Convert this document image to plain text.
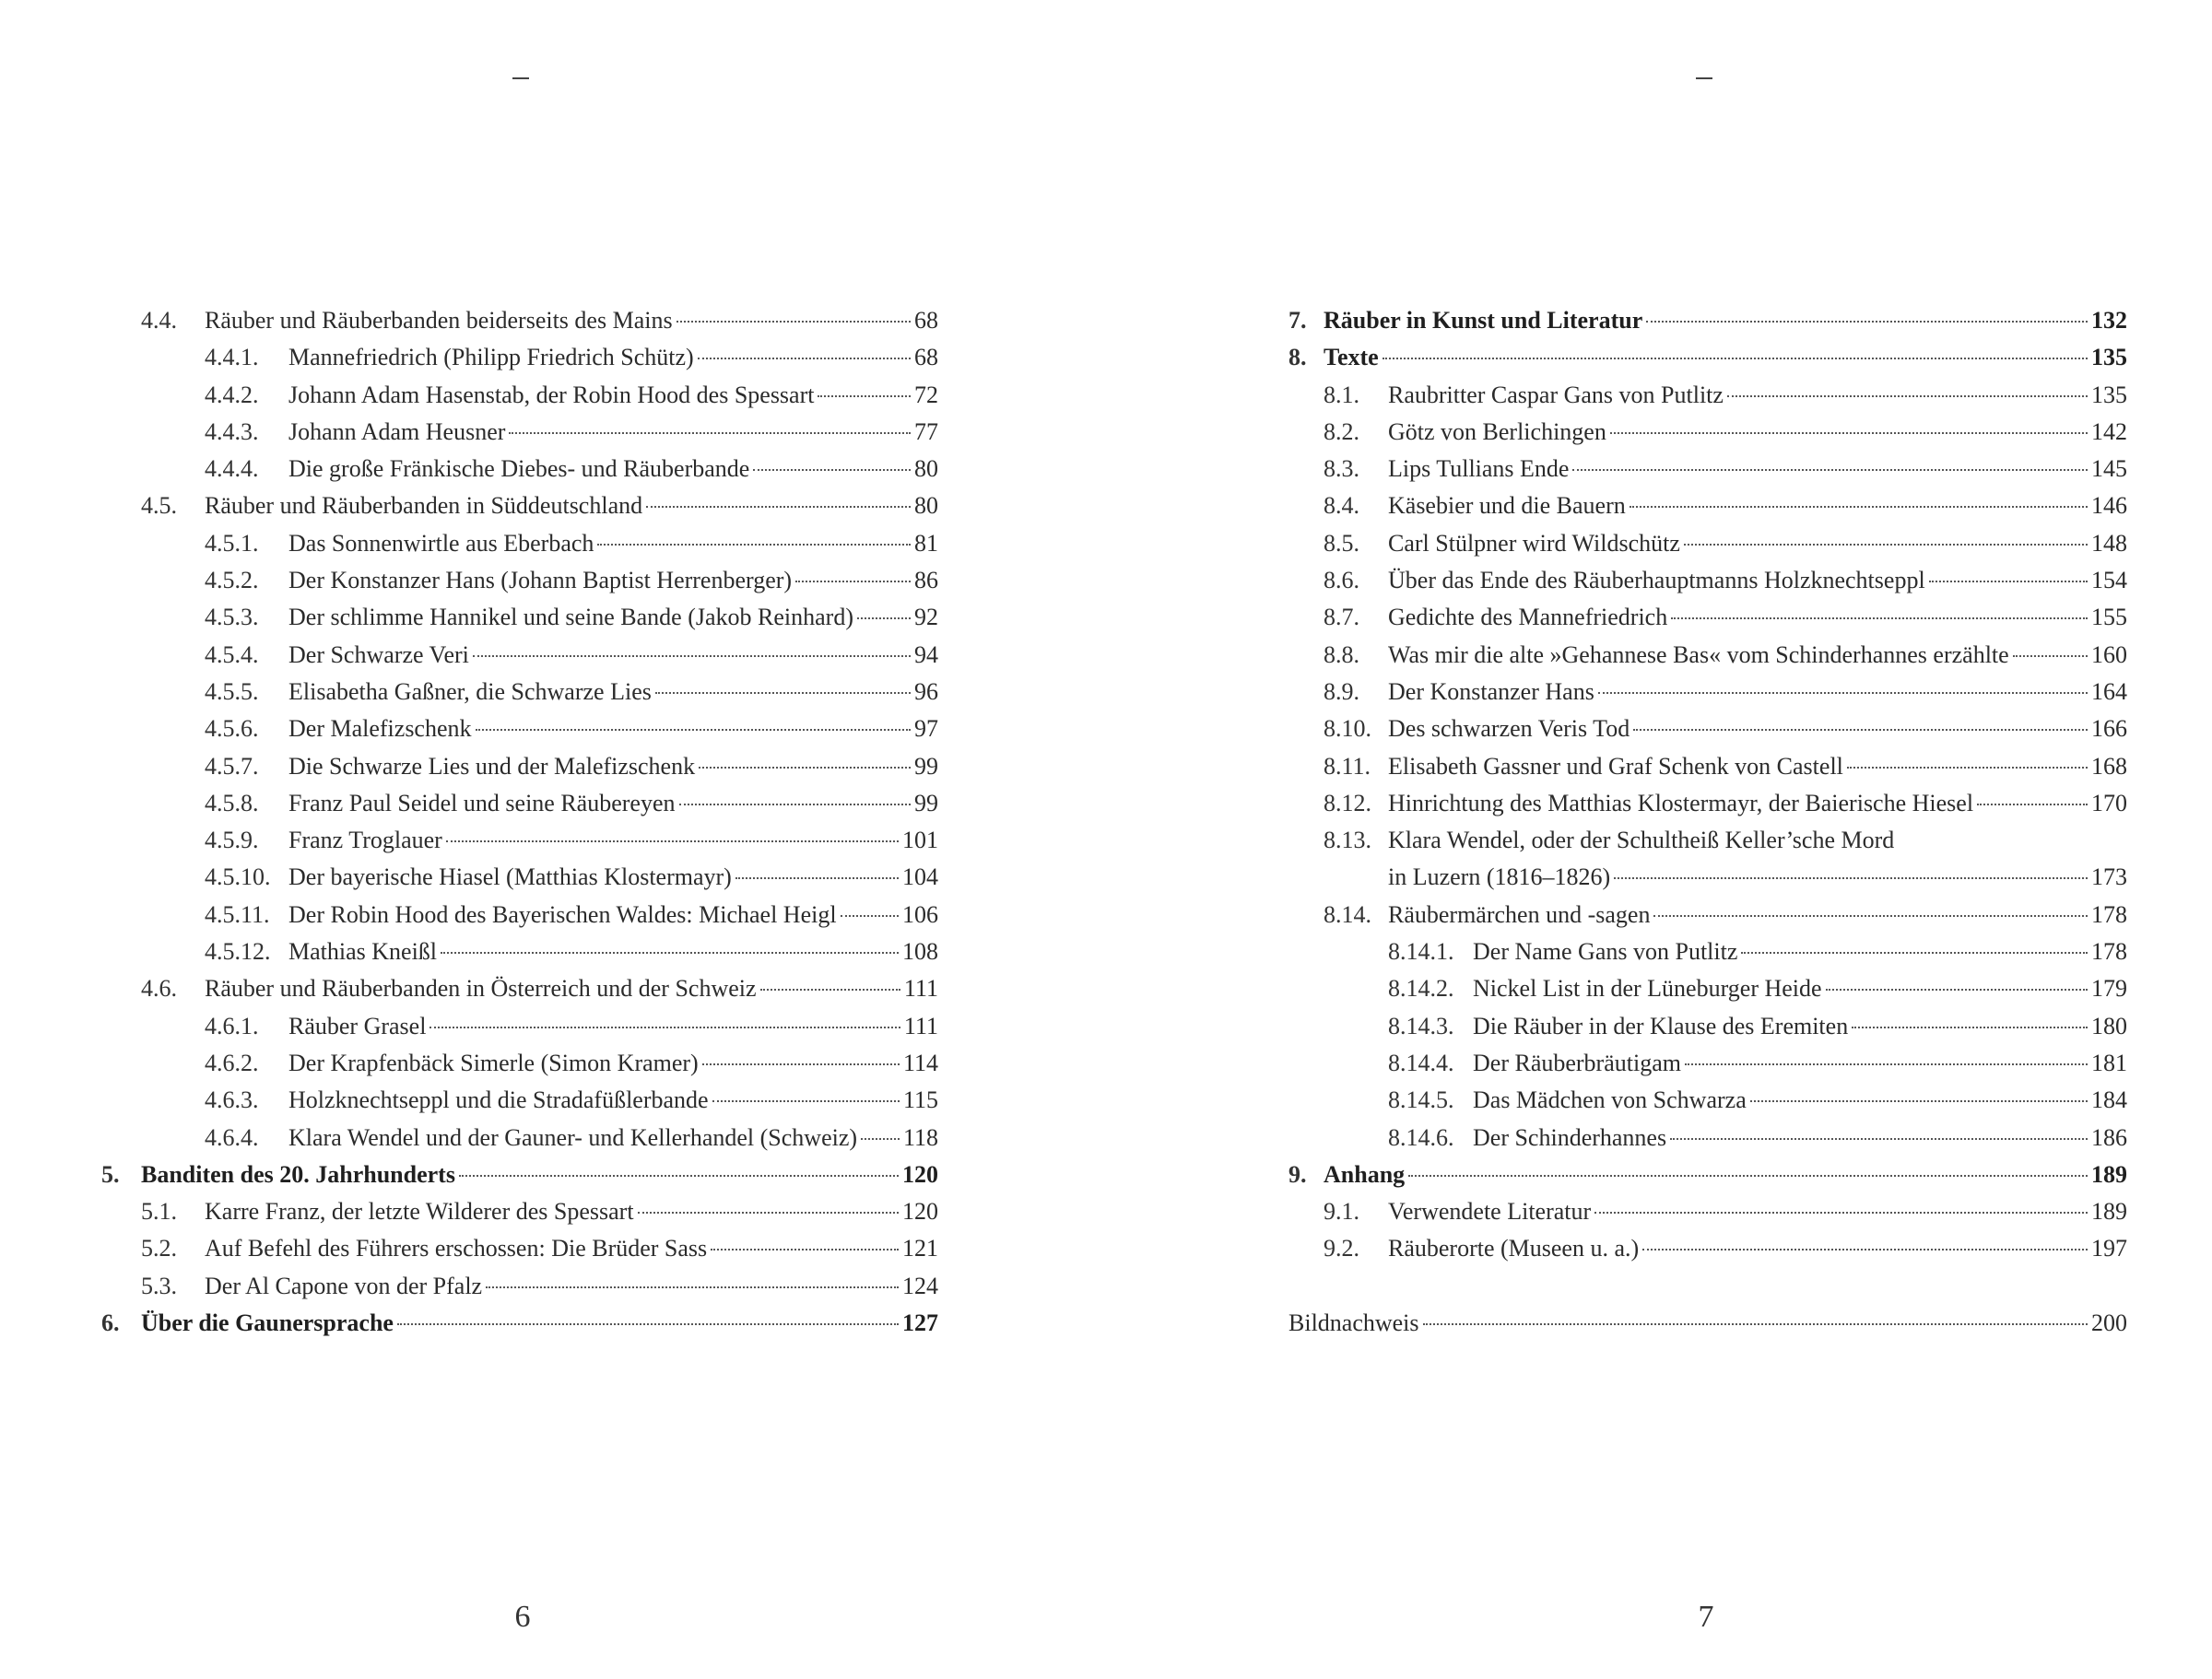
4.4. Räuber und Räuberbanden beiderseits des Mains	68
4.4.1. Mannefriedrich (Philipp Friedrich Schütz)	68
4.4.2. Johann Adam Hasenstab, der Robin Hood des Spessart	72
4.4.3. Johann Adam Heusner	77
4.4.4. Die große Fränkische Diebes- und Räuberbande	80
4.5. Räuber und Räuberbanden in Süddeutschland	80
4.5.1. Das Sonnenwirtle aus Eberbach	81
4.5.2. Der Konstanzer Hans (Johann Baptist Herrenberger)	86
4.5.3. Der schlimme Hannikel und seine Bande (Jakob Reinhard)	92
4.5.4. Der Schwarze Veri	94
4.5.5. Elisabetha Gaßner, die Schwarze Lies	96
4.5.6. Der Malefizschenk	97
4.5.7. Die Schwarze Lies und der Malefizschenk	99
4.5.8. Franz Paul Seidel und seine Räubereyen	99
4.5.9. Franz Troglauer	101
4.5.10. Der bayerische Hiasel (Matthias Klostermayr)	104
4.5.11. Der Robin Hood des Bayerischen Waldes: Michael Heigl	106
4.5.12. Mathias Kneißl	108
4.6. Räuber und Räuberbanden in Österreich und der Schweiz	111
4.6.1. Räuber Grasel	111
4.6.2. Der Krapfenbäck Simerle (Simon Kramer)	114
4.6.3. Holzknechtseppl und die Stradafüßlerbande	115
4.6.4. Klara Wendel und der Gauner- und Kellerhandel (Schweiz) 118
5. Banditen des 20. Jahrhunderts	120
5.1. Karre Franz, der letzte Wilderer des Spessart	120
5.2. Auf Befehl des Führers erschossen: Die Brüder Sass	121
5.3. Der Al Capone von der Pfalz	124
6. Über die Gaunersprache	127
6
7. Räuber in Kunst und Literatur	132
8. Texte	135
8.1. Raubritter Caspar Gans von Putlitz	135
8.2. Götz von Berlichingen	142
8.3. Lips Tullians Ende	145
8.4. Käsebier und die Bauern	146
8.5. Carl Stülpner wird Wildschütz	148
8.6. Über das Ende des Räuberhauptmanns Holzknechtseppl	154
8.7. Gedichte des Mannefriedrich	155
8.8. Was mir die alte »Gehannese Bas« vom Schinderhannes erzählte	160
8.9. Der Konstanzer Hans	164
8.10. Des schwarzen Veris Tod	166
8.11. Elisabeth Gassner und Graf Schenk von Castell	168
8.12. Hinrichtung des Matthias Klostermayr, der Baierische Hiesel	170
8.13. Klara Wendel, oder der Schultheiß Keller’sche Mord
in Luzern (1816–1826)	173
8.14. Räubermärchen und -sagen	178
8.14.1. Der Name Gans von Putlitz	178
8.14.2. Nickel List in der Lüneburger Heide	179
8.14.3. Die Räuber in der Klause des Eremiten	180
8.14.4. Der Räuberbräutigam	181
8.14.5. Das Mädchen von Schwarza	184
8.14.6. Der Schinderhannes	186
9. Anhang	189
9.1. Verwendete Literatur	189
9.2. Räuberorte (Museen u. a.)	197
Bildnachweis	200
7
